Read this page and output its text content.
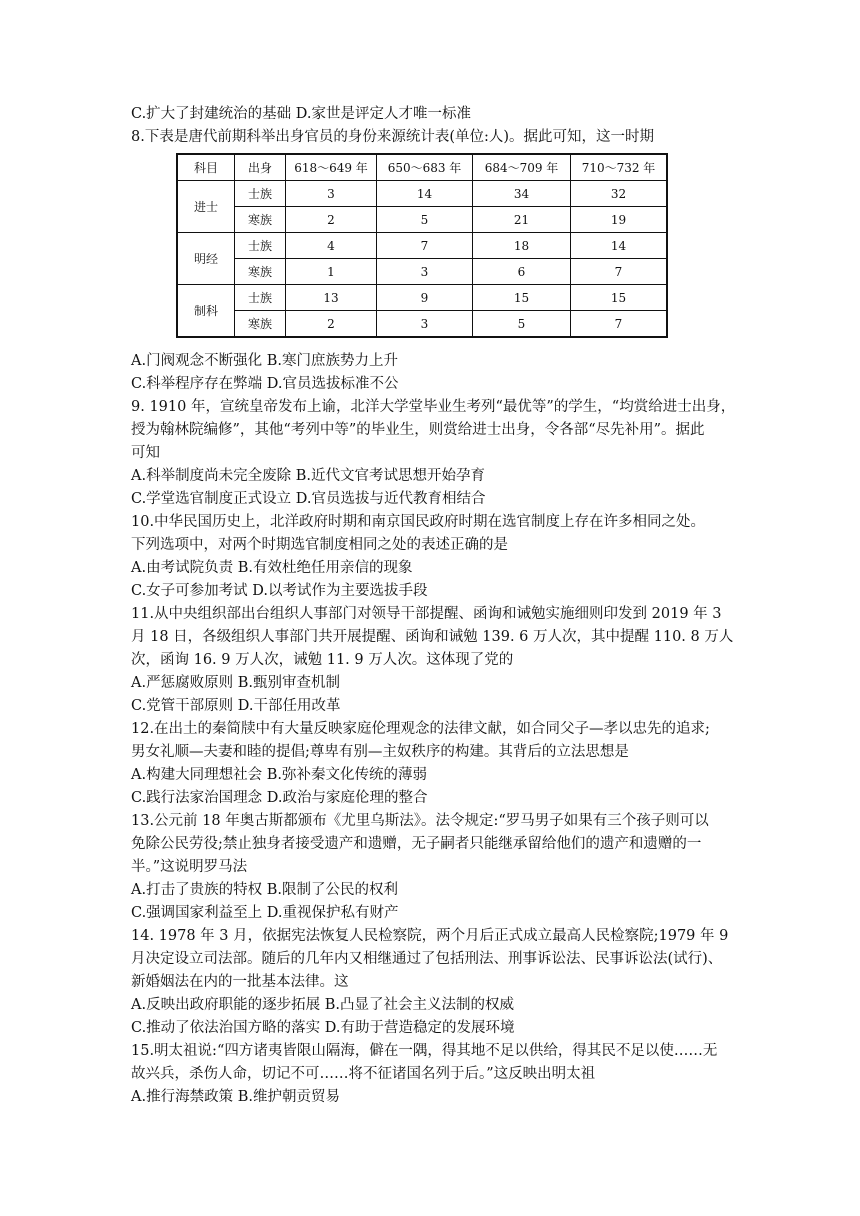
C.扩大了封建统治的基础 D.家世是评定人才唯一标准
8.下表是唐代前期科举出身官员的身份来源统计表(单位:人)。据此可知，这一时期
科目	出身	618～649 年	650～683 年	684～709 年	710～732 年
进士	士族	3	14	34	32
	寒族	2	5	21	19
明经	士族	4	7	18	14
	寒族	1	3	6	7
制科	士族	13	9	15	15
	寒族	2	3	5	7
A.门阀观念不断强化 B.寒门庶族势力上升
C.科举程序存在弊端 D.官员选拔标准不公
9. 1910 年，宣统皇帝发布上谕，北洋大学堂毕业生考列“最优等”的学生，“均赏给进士出身，
授为翰林院编修”，其他“考列中等”的毕业生，则赏给进士出身，令各部“尽先补用”。据此
可知
A.科举制度尚未完全废除 B.近代文官考试思想开始孕育
C.学堂选官制度正式设立 D.官员选拔与近代教育相结合
10.中华民国历史上，北洋政府时期和南京国民政府时期在选官制度上存在许多相同之处。
下列选项中，对两个时期选官制度相同之处的表述正确的是
A.由考试院负责 B.有效杜绝任用亲信的现象
C.女子可参加考试 D.以考试作为主要选拔手段
11.从中央组织部出台组织人事部门对领导干部提醒、函询和诫勉实施细则印发到 2019 年 3
月 18 日，各级组织人事部门共开展提醒、函询和诫勉 139. 6 万人次，其中提醒 110. 8 万人
次，函询 16. 9 万人次，诫勉 11. 9 万人次。这体现了党的
A.严惩腐败原则 B.甄别审查机制
C.党管干部原则 D.干部任用改革
12.在出土的秦简牍中有大量反映家庭伦理观念的法律文献，如合同父子—孝以忠先的追求;
男女礼顺—夫妻和睦的提倡;尊卑有别—主奴秩序的构建。其背后的立法思想是
A.构建大同理想社会 B.弥补秦文化传统的薄弱
C.践行法家治国理念 D.政治与家庭伦理的整合
13.公元前 18 年奥古斯都颁布《尤里乌斯法》。法令规定:“罗马男子如果有三个孩子则可以
免除公民劳役;禁止独身者接受遗产和遗赠，无子嗣者只能继承留给他们的遗产和遗赠的一
半。”这说明罗马法
A.打击了贵族的特权 B.限制了公民的权利
C.强调国家利益至上 D.重视保护私有财产
14. 1978 年 3 月，依据宪法恢复人民检察院，两个月后正式成立最高人民检察院;1979 年 9
月决定设立司法部。随后的几年内又相继通过了包括刑法、刑事诉讼法、民事诉讼法(试行)、
新婚姻法在内的一批基本法律。这
A.反映出政府职能的逐步拓展 B.凸显了社会主义法制的权威
C.推动了依法治国方略的落实 D.有助于营造稳定的发展环境
15.明太祖说:“四方诸夷皆限山隔海，僻在一隅，得其地不足以供给，得其民不足以使……无
故兴兵，杀伤人命，切记不可……将不征诸国名列于后。”这反映出明太祖
A.推行海禁政策 B.维护朝贡贸易
